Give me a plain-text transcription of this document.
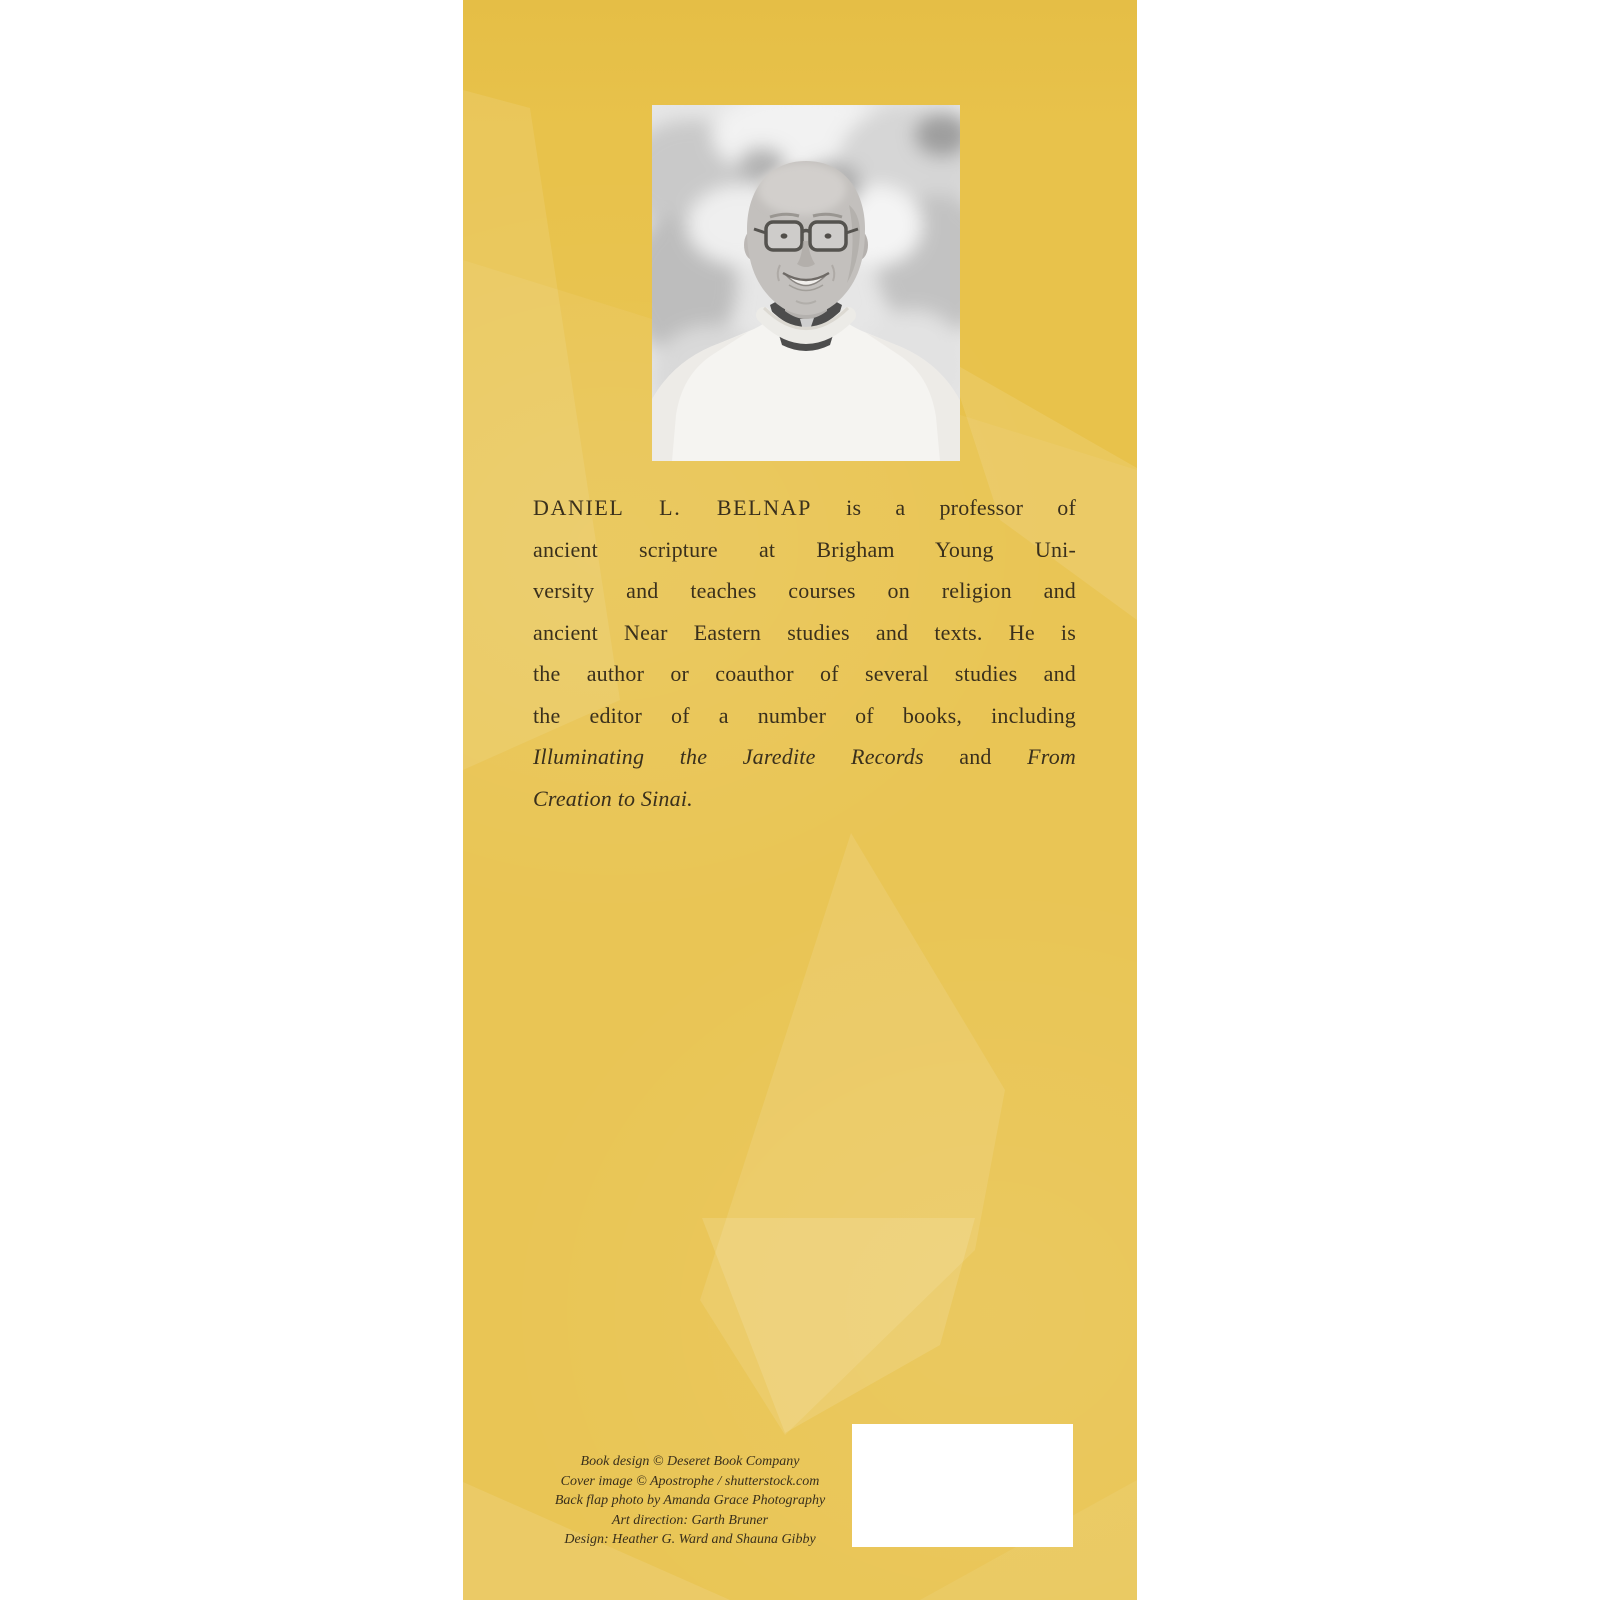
DANIEL L. BELNAP is a professor of
ancient scripture at Brigham Young Uni-
versity and teaches courses on religion and
ancient Near Eastern studies and texts. He is
the author or coauthor of several studies and
the editor of a number of books, including
Illuminating the Jaredite Records and From
Creation to Sinai.
Book design © Deseret Book Company
Cover image © Apostrophe / shutterstock.com
Back flap photo by Amanda Grace Photography
Art direction: Garth Bruner
Design: Heather G. Ward and Shauna Gibby
